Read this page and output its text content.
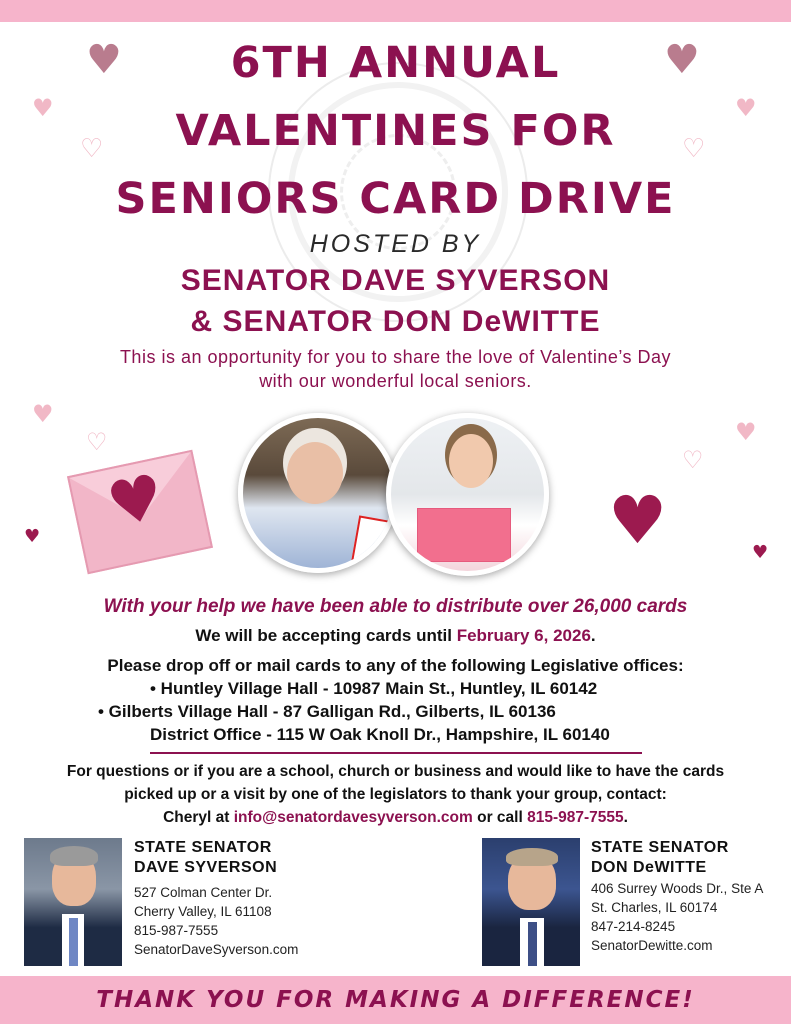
♥	♥
♥	♥
♡	♡
♥
♥
♡
♡
♥
♥
♥
6TH ANNUAL
VALENTINES FOR
SENIORS CARD DRIVE
HOSTED BY
SENATOR DAVE SYVERSON
& SENATOR DON DeWITTE
This is an opportunity for you to share the love of Valentine’s Day
with our wonderful local seniors.
♥
With your help we have been able to distribute over 26,000 cards
We will be accepting cards until February 6, 2026.
Please drop off or mail cards to any of the following Legislative offices:
• Huntley Village Hall - 10987 Main St., Huntley, IL 60142
• Gilberts Village Hall - 87 Galligan Rd., Gilberts, IL 60136
District Office - 115 W Oak Knoll Dr., Hampshire, IL 60140
For questions or if you are a school, church or business and would like to have the cards
picked up or a visit by one of the legislators to thank your group, contact:
Cheryl at info@senatordavesyverson.com or call 815-987-7555.
STATE SENATOR
DAVE SYVERSON
527 Colman Center Dr.
Cherry Valley, IL 61108
815-987-7555
SenatorDaveSyverson.com
STATE SENATOR
DON DeWITTE
406 Surrey Woods Dr., Ste A
St. Charles, IL 60174
847-214-8245
SenatorDewitte.com
THANK YOU FOR MAKING A DIFFERENCE!
